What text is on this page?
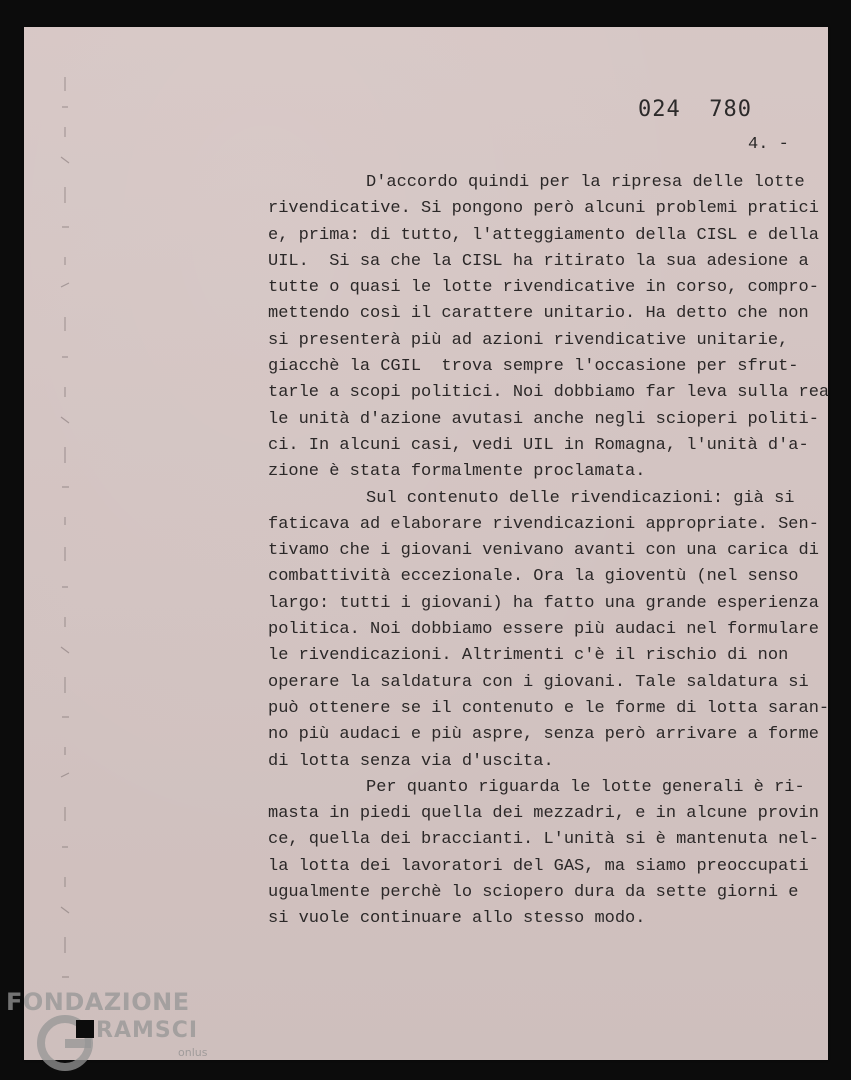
024  780
4. -
D'accordo quindi per la ripresa delle lotte
rivendicative. Si pongono però alcuni problemi pratici
e, prima: di tutto, l'atteggiamento della CISL e della
UIL.  Si sa che la CISL ha ritirato la sua adesione a
tutte o quasi le lotte rivendicative in corso, compro-
mettendo così il carattere unitario. Ha detto che non
si presenterà più ad azioni rivendicative unitarie,
giacchè la CGIL  trova sempre l'occasione per sfrut-
tarle a scopi politici. Noi dobbiamo far leva sulla rea
le unità d'azione avutasi anche negli scioperi politi-
ci. In alcuni casi, vedi UIL in Romagna, l'unità d'a-
zione è stata formalmente proclamata.
Sul contenuto delle rivendicazioni: già si
faticava ad elaborare rivendicazioni appropriate. Sen-
tivamo che i giovani venivano avanti con una carica di
combattività eccezionale. Ora la gioventù (nel senso
largo: tutti i giovani) ha fatto una grande esperienza
politica. Noi dobbiamo essere più audaci nel formulare
le rivendicazioni. Altrimenti c'è il rischio di non
operare la saldatura con i giovani. Tale saldatura si
può ottenere se il contenuto e le forme di lotta saran-
no più audaci e più aspre, senza però arrivare a forme
di lotta senza via d'uscita.
Per quanto riguarda le lotte generali è ri-
masta in piedi quella dei mezzadri, e in alcune provin
ce, quella dei braccianti. L'unità si è mantenuta nel-
la lotta dei lavoratori del GAS, ma siamo preoccupati
ugualmente perchè lo sciopero dura da sette giorni e
si vuole continuare allo stesso modo.
FONDAZIONE
RAMSCI
onlus
